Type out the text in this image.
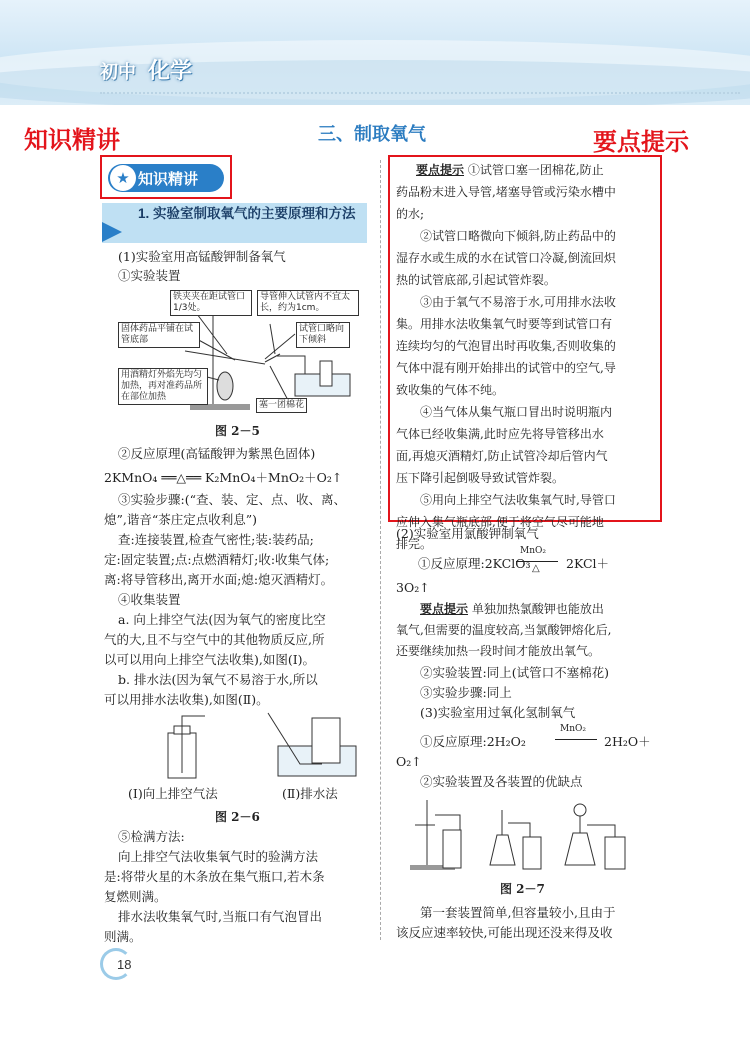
初中 化学
知识精讲	要点提示
三、制取氧气
★ 知识精讲
1. 实验室制取氧气的主要原理和方法
(1)实验室用高锰酸钾制备氧气
①实验装置
铁夹夹在距试管口1/3处。
导管伸入试管内不宜太长，约为1cm。
试管口略向下倾斜
固体药品平铺在试管底部
用酒精灯外焰先均匀加热，再对准药品所在部位加热
塞一团棉花
图 2－5
②反应原理(高锰酸钾为紫黑色固体)
2KMnO₄ ══△══ K₂MnO₄＋MnO₂＋O₂↑
③实验步骤:(“查、装、定、点、收、离、
熄”,谐音“茶庄定点收利息”)
查:连接装置,检查气密性;装:装药品;
定:固定装置;点:点燃酒精灯;收:收集气体;
离:将导管移出,离开水面;熄:熄灭酒精灯。
④收集装置
a. 向上排空气法(因为氧气的密度比空
气的大,且不与空气中的其他物质反应,所
以可以用向上排空气法收集),如图(Ⅰ)。
b. 排水法(因为氧气不易溶于水,所以
可以用排水法收集),如图(Ⅱ)。
(Ⅰ)向上排空气法	(Ⅱ)排水法
图 2－6
⑤检满方法:
向上排空气法收集氧气时的验满方法
是:将带火星的木条放在集气瓶口,若木条
复燃则满。
排水法收集氧气时,当瓶口有气泡冒出
则满。
要点提示 ①试管口塞一团棉花,防止
药品粉末进入导管,堵塞导管或污染水槽中
的水;
②试管口略微向下倾斜,防止药品中的
湿存水或生成的水在试管口冷凝,倒流回炽
热的试管底部,引起试管炸裂。
③由于氧气不易溶于水,可用排水法收
集。用排水法收集氧气时要等到试管口有
连续均匀的气泡冒出时再收集,否则收集的
气体中混有刚开始排出的试管中的空气,导
致收集的气体不纯。
④当气体从集气瓶口冒出时说明瓶内
气体已经收集满,此时应先将导管移出水
面,再熄灭酒精灯,防止试管冷却后管内气
压下降引起倒吸导致试管炸裂。
⑤用向上排空气法收集氧气时,导管口
应伸入集气瓶底部,便于将空气尽可能地
排完。
(2)实验室用氯酸钾制氧气
①反应原理:2KClO₃
MnO₂
△ 2KCl＋
3O₂↑
要点提示 单独加热氯酸钾也能放出
氧气,但需要的温度较高,当氯酸钾熔化后,
还要继续加热一段时间才能放出氧气。
②实验装置:同上(试管口不塞棉花)
③实验步骤:同上
(3)实验室用过氧化氢制氧气
①反应原理:2H₂O₂
MnO₂
2H₂O＋
O₂↑
②实验装置及各装置的优缺点
图 2－7
第一套装置简单,但容量较小,且由于
该反应速率较快,可能出现还没来得及收
18
